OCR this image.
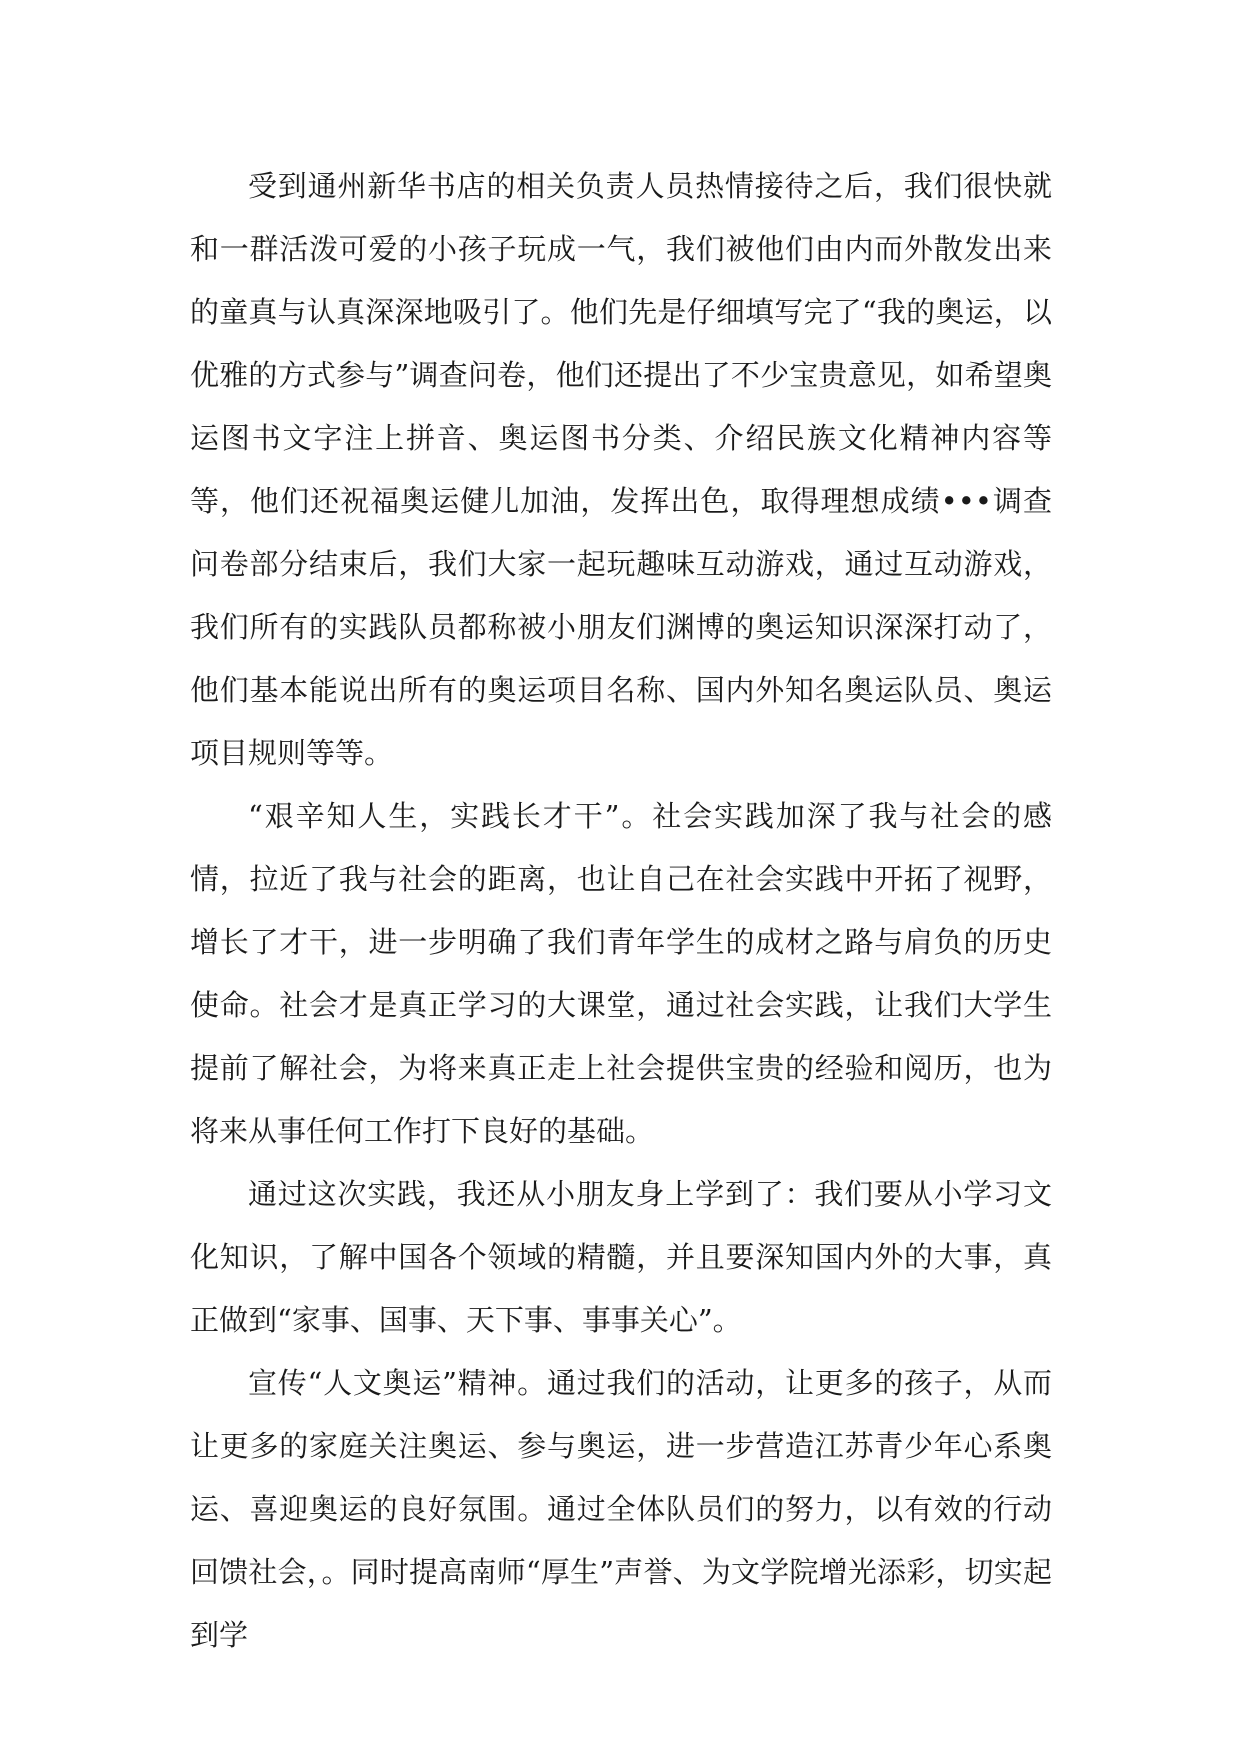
受到通州新华书店的相关负责人员热情接待之后，我们很快就和一群活泼可爱的小孩子玩成一气，我们被他们由内而外散发出来的童真与认真深深地吸引了。他们先是仔细填写完了“我的奥运，以优雅的方式参与”调查问卷，他们还提出了不少宝贵意见，如希望奥运图书文字注上拼音、奥运图书分类、介绍民族文化精神内容等等，他们还祝福奥运健儿加油，发挥出色，取得理想成绩•••调查问卷部分结束后，我们大家一起玩趣味互动游戏，通过互动游戏，我们所有的实践队员都称被小朋友们渊博的奥运知识深深打动了，他们基本能说出所有的奥运项目名称、国内外知名奥运队员、奥运项目规则等等。

“艰辛知人生，实践长才干”。社会实践加深了我与社会的感情，拉近了我与社会的距离，也让自己在社会实践中开拓了视野，增长了才干，进一步明确了我们青年学生的成材之路与肩负的历史使命。社会才是真正学习的大课堂，通过社会实践，让我们大学生提前了解社会，为将来真正走上社会提供宝贵的经验和阅历，也为将来从事任何工作打下良好的基础。

通过这次实践，我还从小朋友身上学到了：我们要从小学习文化知识，了解中国各个领域的精髓，并且要深知国内外的大事，真正做到“家事、国事、天下事、事事关心”。

宣传“人文奥运”精神。通过我们的活动，让更多的孩子，从而让更多的家庭关注奥运、参与奥运，进一步营造江苏青少年心系奥运、喜迎奥运的良好氛围。通过全体队员们的努力，以有效的行动回馈社会，。同时提高南师“厚生”声誉、为文学院增光添彩，切实起到学
